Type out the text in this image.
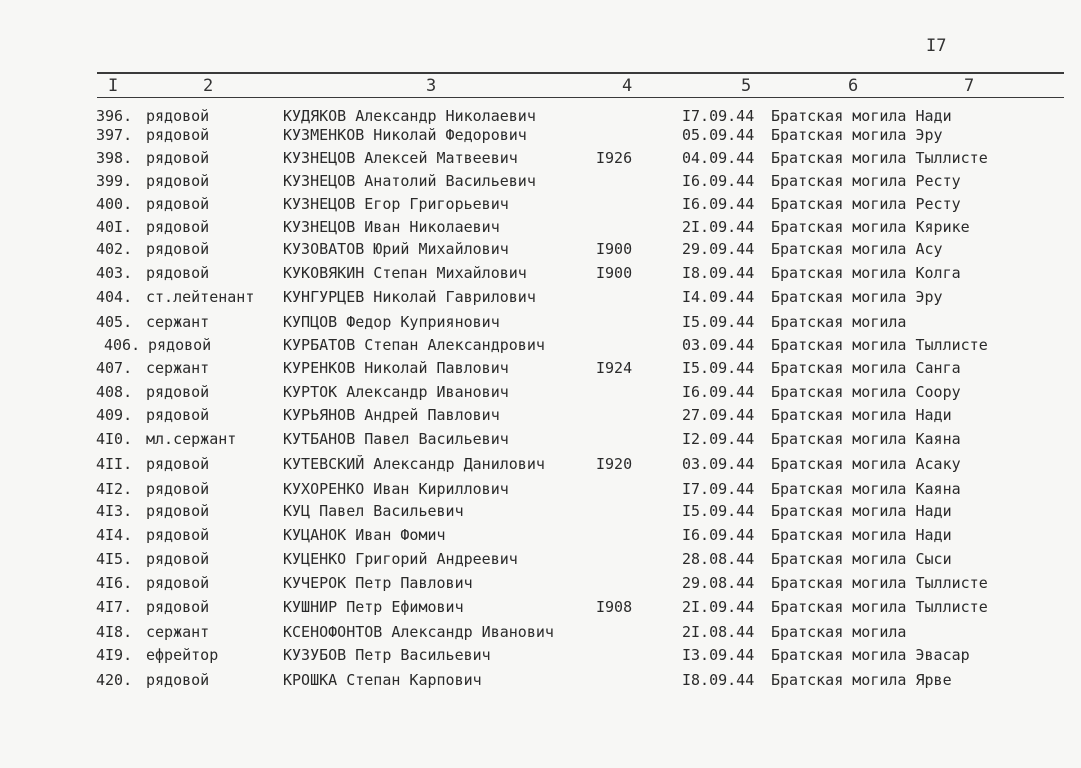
I7
I	2	3	4	5	6	7
396. рядовой	КУДЯКОВ Александр Николаевич	I7.09.44 Братская могила Нади
397. рядовой	КУЗМЕНКОВ Николай Федорович	05.09.44 Братская могила Эру
398. рядовой	КУЗНЕЦОВ Алексей Матвеевич	I926	04.09.44 Братская могила Тыллисте
399. рядовой	КУЗНЕЦОВ Анатолий Васильевич	I6.09.44 Братская могила Ресту
400. рядовой	КУЗНЕЦОВ Егор Григорьевич	I6.09.44 Братская могила Ресту
40I. рядовой	КУЗНЕЦОВ Иван Николаевич	2I.09.44 Братская могила Кярике
402. рядовой	КУЗОВАТОВ Юрий Михайлович	I900	29.09.44 Братская могила Асу
403. рядовой	КУКОВЯКИН Степан Михайлович	I900	I8.09.44 Братская могила Колга
404. ст.лейтенант КУНГУРЦЕВ Николай Гаврилович	I4.09.44 Братская могила Эру
405. сержант	КУПЦОВ Федор Куприянович	I5.09.44 Братская могила
406. рядовой	КУРБАТОВ Степан Александрович	03.09.44 Братская могила Тыллисте
407. сержант	КУРЕНКОВ Николай Павлович	I924	I5.09.44 Братская могила Санга
408. рядовой	КУРТОК Александр Иванович	I6.09.44 Братская могила Соору
409. рядовой	КУРЬЯНОВ Андрей Павлович	27.09.44 Братская могила Нади
4I0. мл.сержант	КУТБАНОВ Павел Васильевич	I2.09.44 Братская могила Каяна
4II. рядовой	КУТЕВСКИЙ Александр Данилович	I920	03.09.44 Братская могила Асаку
4I2. рядовой	КУХОРЕНКО Иван Кириллович	I7.09.44 Братская могила Каяна
4I3. рядовой	КУЦ Павел Васильевич	I5.09.44 Братская могила Нади
4I4. рядовой	КУЦАНОК Иван Фомич	I6.09.44 Братская могила Нади
4I5. рядовой	КУЦЕНКО Григорий Андреевич	28.08.44 Братская могила Сыси
4I6. рядовой	КУЧЕРОК Петр Павлович	29.08.44 Братская могила Тыллисте
4I7. рядовой	КУШНИР Петр Ефимович	I908	2I.09.44 Братская могила Тыллисте
4I8. сержант	КСЕНОФОНТОВ Александр Иванович	2I.08.44 Братская могила
4I9. ефрейтор	КУЗУБОВ Петр Васильевич	I3.09.44 Братская могила Эвасар
420. рядовой	КРОШКА Степан Карпович	I8.09.44 Братская могила Ярве
